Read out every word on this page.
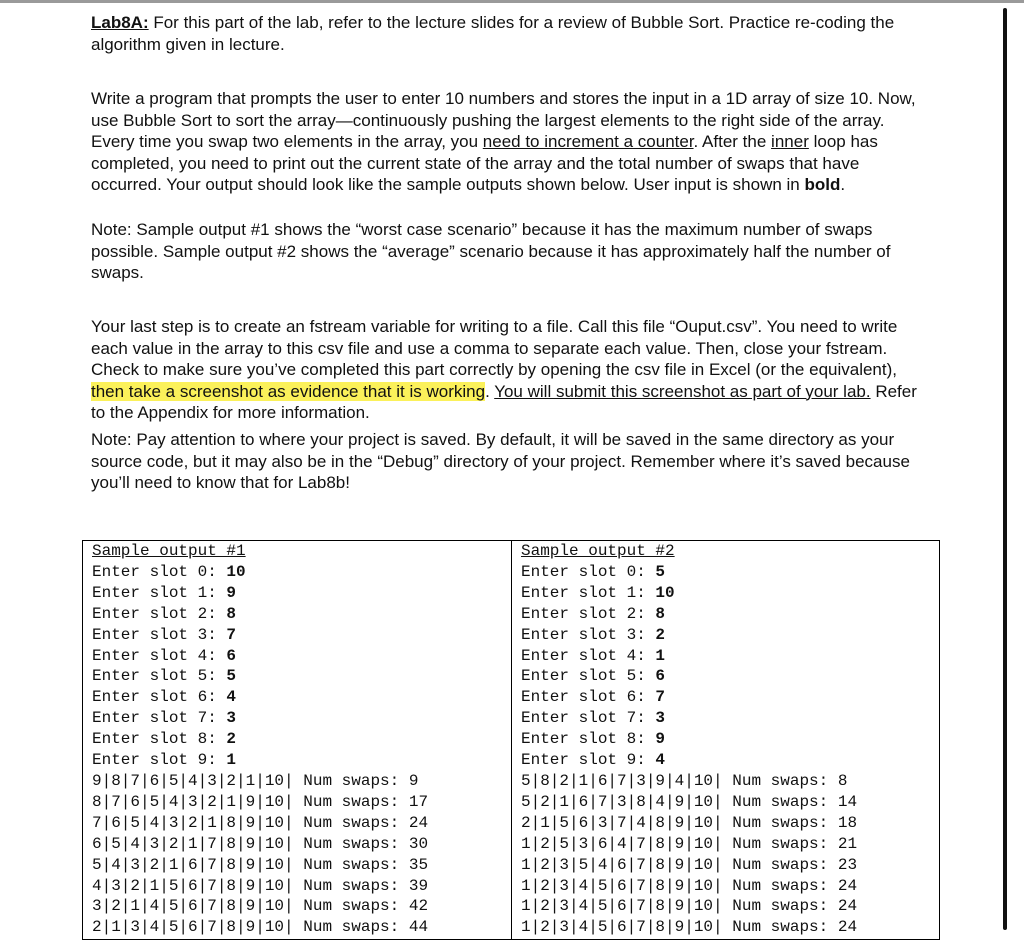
Lab8A: For this part of the lab, refer to the lecture slides for a review of Bubble Sort. Practice re-coding the algorithm given in lecture.

Write a program that prompts the user to enter 10 numbers and stores the input in a 1D array of size 10. Now, use Bubble Sort to sort the array—continuously pushing the largest elements to the right side of the array. Every time you swap two elements in the array, you need to increment a counter. After the inner loop has completed, you need to print out the current state of the array and the total number of swaps that have occurred. Your output should look like the sample outputs shown below. User input is shown in bold.

Note: Sample output #1 shows the “worst case scenario” because it has the maximum number of swaps possible. Sample output #2 shows the “average” scenario because it has approximately half the number of swaps.

Your last step is to create an fstream variable for writing to a file. Call this file “Ouput.csv”. You need to write each value in the array to this csv file and use a comma to separate each value. Then, close your fstream. Check to make sure you’ve completed this part correctly by opening the csv file in Excel (or the equivalent), then take a screenshot as evidence that it is working. You will submit this screenshot as part of your lab. Refer to the Appendix for more information.

Note: Pay attention to where your project is saved. By default, it will be saved in the same directory as your source code, but it may also be in the “Debug” directory of your project. Remember where it’s saved because you’ll need to know that for Lab8b!

Sample output #1
Enter slot 0: 10
Enter slot 1: 9
Enter slot 2: 8
Enter slot 3: 7
Enter slot 4: 6
Enter slot 5: 5
Enter slot 6: 4
Enter slot 7: 3
Enter slot 8: 2
Enter slot 9: 1
9|8|7|6|5|4|3|2|1|10| Num swaps: 9
8|7|6|5|4|3|2|1|9|10| Num swaps: 17
7|6|5|4|3|2|1|8|9|10| Num swaps: 24
6|5|4|3|2|1|7|8|9|10| Num swaps: 30
5|4|3|2|1|6|7|8|9|10| Num swaps: 35
4|3|2|1|5|6|7|8|9|10| Num swaps: 39
3|2|1|4|5|6|7|8|9|10| Num swaps: 42
2|1|3|4|5|6|7|8|9|10| Num swaps: 44
Sample output #2
Enter slot 0: 5
Enter slot 1: 10
Enter slot 2: 8
Enter slot 3: 2
Enter slot 4: 1
Enter slot 5: 6
Enter slot 6: 7
Enter slot 7: 3
Enter slot 8: 9
Enter slot 9: 4
5|8|2|1|6|7|3|9|4|10| Num swaps: 8
5|2|1|6|7|3|8|4|9|10| Num swaps: 14
2|1|5|6|3|7|4|8|9|10| Num swaps: 18
1|2|5|3|6|4|7|8|9|10| Num swaps: 21
1|2|3|5|4|6|7|8|9|10| Num swaps: 23
1|2|3|4|5|6|7|8|9|10| Num swaps: 24
1|2|3|4|5|6|7|8|9|10| Num swaps: 24
1|2|3|4|5|6|7|8|9|10| Num swaps: 24
